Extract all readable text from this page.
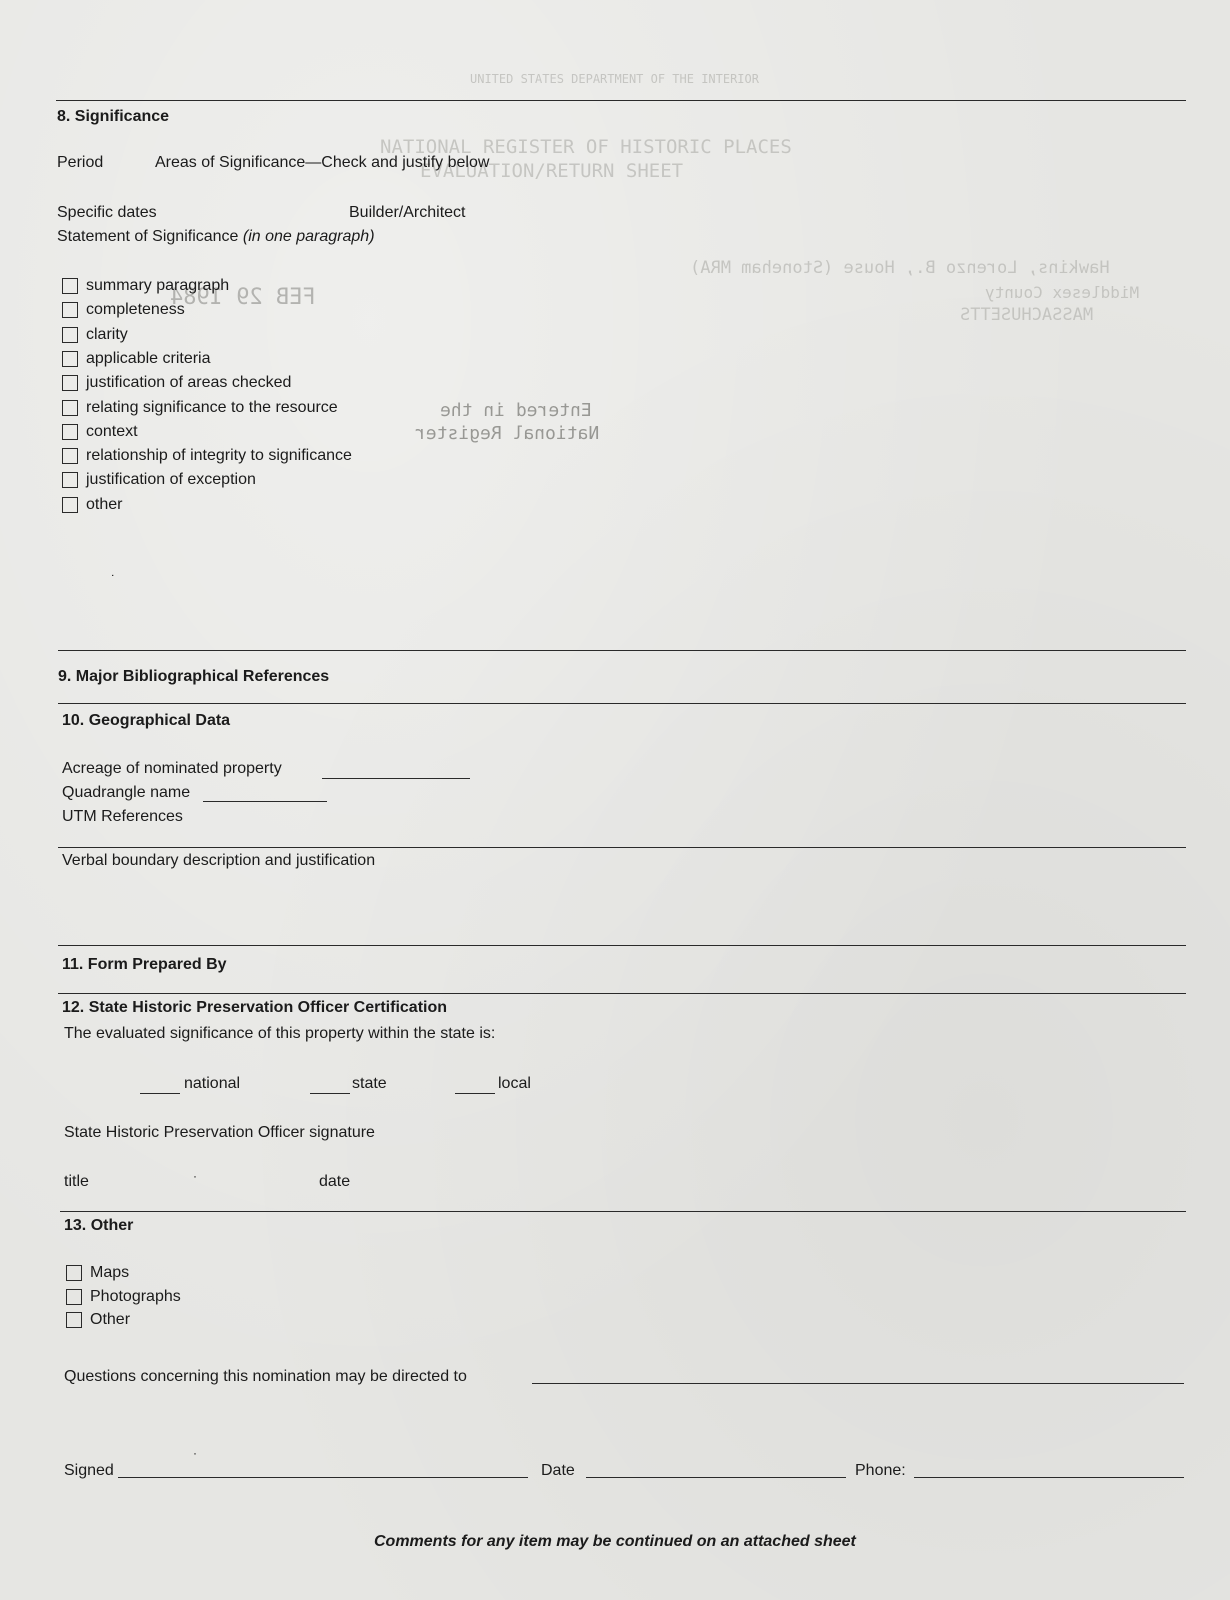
UNITED STATES DEPARTMENT OF THE INTERIOR
NATIONAL REGISTER OF HISTORIC PLACES
EVALUATION/RETURN SHEET
Hawkins, Lorenzo B., House (Stoneham MRA)
Middlesex County
MASSACHUSETTS
FEB 29 1984
Entered in the
National Register
8. Significance
Period	Areas of Significance—Check and justify below
Specific dates	Builder/Architect
Statement of Significance (in one paragraph)
summary paragraph
completeness
clarity
applicable criteria
justification of areas checked
relating significance to the resource
context
relationship of integrity to significance
justification of exception
other
˙
9. Major Bibliographical References
10. Geographical Data
Acreage of nominated property
Quadrangle name
UTM References
Verbal boundary description and justification
11. Form Prepared By
12. State Historic Preservation Officer Certification
The evaluated significance of this property within the state is:
national	state	local
State Historic Preservation Officer signature
title	·	date
13. Other
Maps
Photographs
Other
Questions concerning this nomination may be directed to
Signed
·
Date	Phone:
Comments for any item may be continued on an attached sheet
